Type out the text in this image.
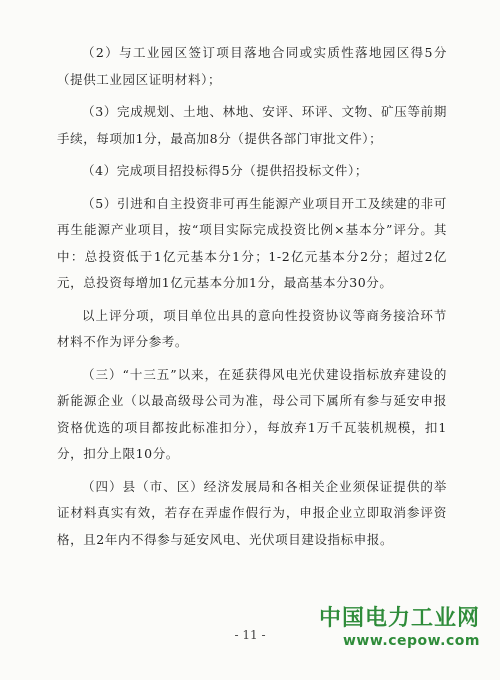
（2）与工业园区签订项目落地合同或实质性落地园区得5分（提供工业园区证明材料）；

（3）完成规划、土地、林地、安评、环评、文物、矿压等前期手续，每项加1分，最高加8分（提供各部门审批文件）；

（4）完成项目招投标得5分（提供招投标文件）；

（5）引进和自主投资非可再生能源产业项目开工及续建的非可再生能源产业项目，按“项目实际完成投资比例×基本分”评分。其中：总投资低于1亿元基本分1分；1-2亿元基本分2分；超过2亿元，总投资每增加1亿元基本分加1分，最高基本分30分。

以上评分项，项目单位出具的意向性投资协议等商务接洽环节材料不作为评分参考。

（三）“十三五”以来，在延获得风电光伏建设指标放弃建设的新能源企业（以最高级母公司为准，母公司下属所有参与延安申报资格优选的项目都按此标准扣分），每放弃1万千瓦装机规模，扣1分，扣分上限10分。

（四）县（市、区）经济发展局和各相关企业须保证提供的举证材料真实有效，若存在弄虚作假行为，申报企业立即取消参评资格，且2年内不得参与延安风电、光伏项目建设指标申报。

- 11 -
中国电力工业网
www.cepow.com
